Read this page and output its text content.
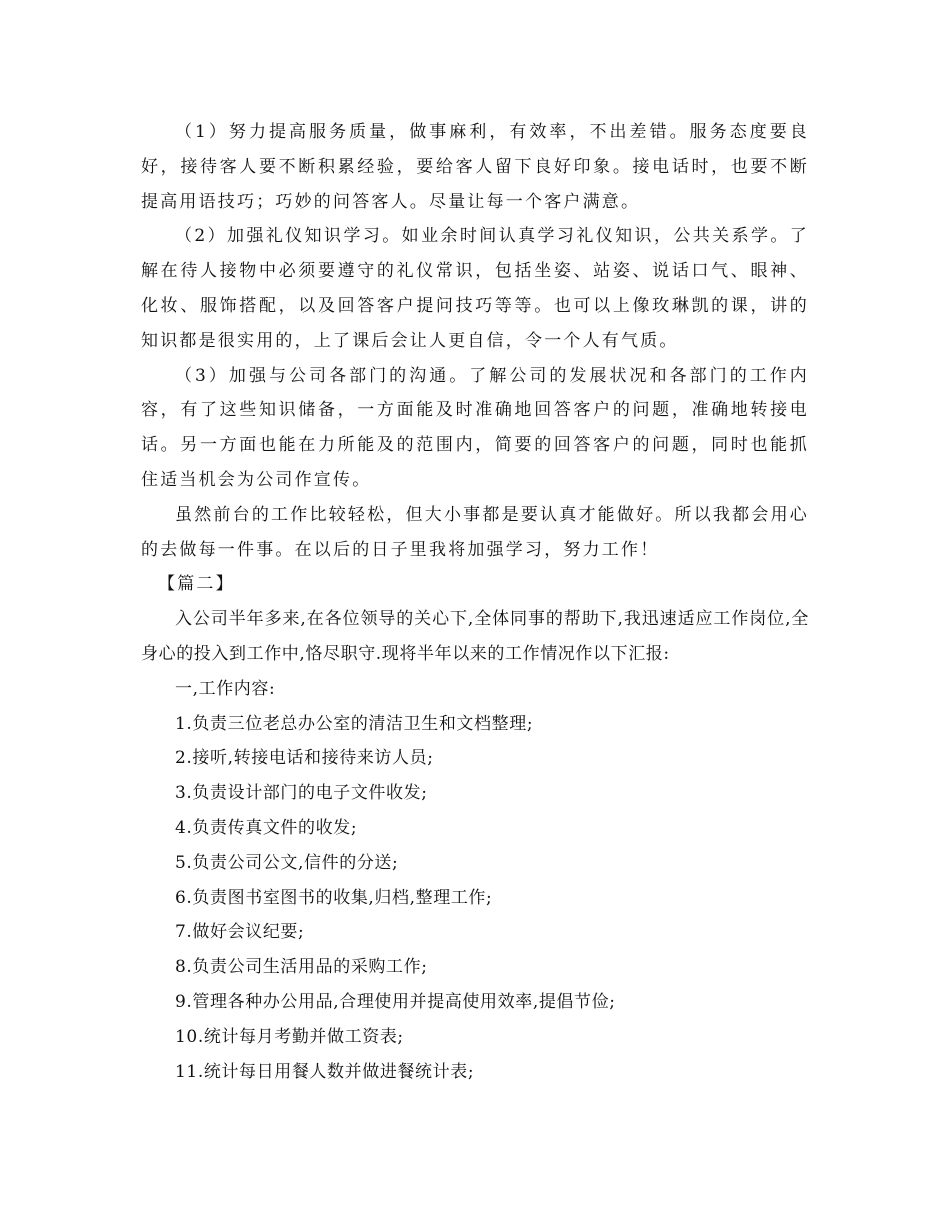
（1）努力提高服务质量，做事麻利，有效率，不出差错。服务态度要良好，接待客人要不断积累经验，要给客人留下良好印象。接电话时，也要不断提高用语技巧；巧妙的问答客人。尽量让每一个客户满意。

（2）加强礼仪知识学习。如业余时间认真学习礼仪知识，公共关系学。了解在待人接物中必须要遵守的礼仪常识，包括坐姿、站姿、说话口气、眼神、化妆、服饰搭配，以及回答客户提问技巧等等。也可以上像玫琳凯的课，讲的知识都是很实用的，上了课后会让人更自信，令一个人有气质。

（3）加强与公司各部门的沟通。了解公司的发展状况和各部门的工作内容，有了这些知识储备，一方面能及时准确地回答客户的问题，准确地转接电话。另一方面也能在力所能及的范围内，简要的回答客户的问题，同时也能抓住适当机会为公司作宣传。

虽然前台的工作比较轻松，但大小事都是要认真才能做好。所以我都会用心的去做每一件事。在以后的日子里我将加强学习，努力工作！

【篇二】

入公司半年多来,在各位领导的关心下,全体同事的帮助下,我迅速适应工作岗位,全身心的投入到工作中,恪尽职守.现将半年以来的工作情况作以下汇报:

一,工作内容:

1.负责三位老总办公室的清洁卫生和文档整理;

2.接听,转接电话和接待来访人员;

3.负责设计部门的电子文件收发;

4.负责传真文件的收发;

5.负责公司公文,信件的分送;

6.负责图书室图书的收集,归档,整理工作;

7.做好会议纪要;

8.负责公司生活用品的采购工作;

9.管理各种办公用品,合理使用并提高使用效率,提倡节俭;

10.统计每月考勤并做工资表;

11.统计每日用餐人数并做进餐统计表;
